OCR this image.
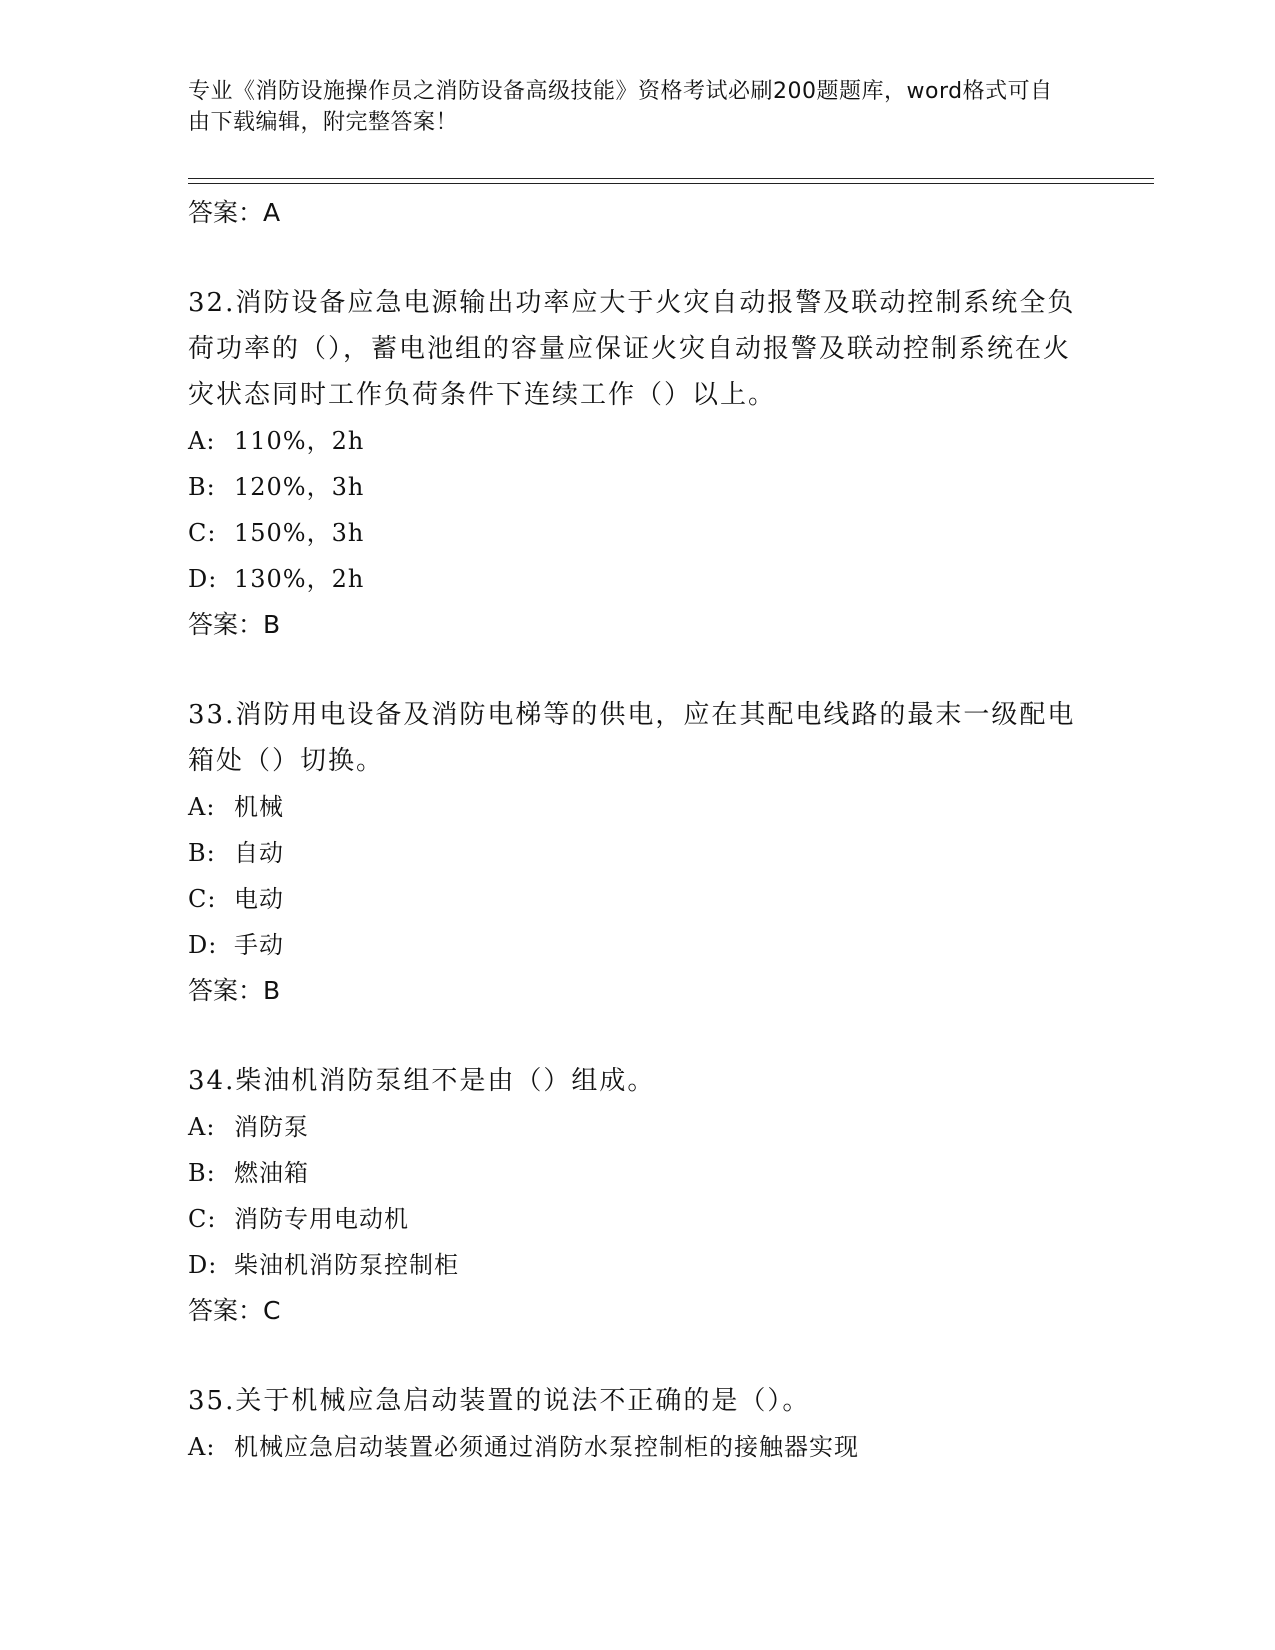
专业《消防设施操作员之消防设备高级技能》资格考试必刷200题题库，word格式可自由下载编辑，附完整答案！
答案：A

32.消防设备应急电源输出功率应大于火灾自动报警及联动控制系统全负荷功率的（），蓄电池组的容量应保证火灾自动报警及联动控制系统在火灾状态同时工作负荷条件下连续工作（）以上。

A: 110%，2h
B: 120%，3h
C: 150%，3h
D: 130%，2h
答案：B

33.消防用电设备及消防电梯等的供电，应在其配电线路的最末一级配电箱处（）切换。

A: 机械
B: 自动
C: 电动
D: 手动
答案：B

34.柴油机消防泵组不是由（）组成。

A: 消防泵
B: 燃油箱
C: 消防专用电动机
D: 柴油机消防泵控制柜
答案：C

35.关于机械应急启动装置的说法不正确的是（）。

A: 机械应急启动装置必须通过消防水泵控制柜的接触器实现
